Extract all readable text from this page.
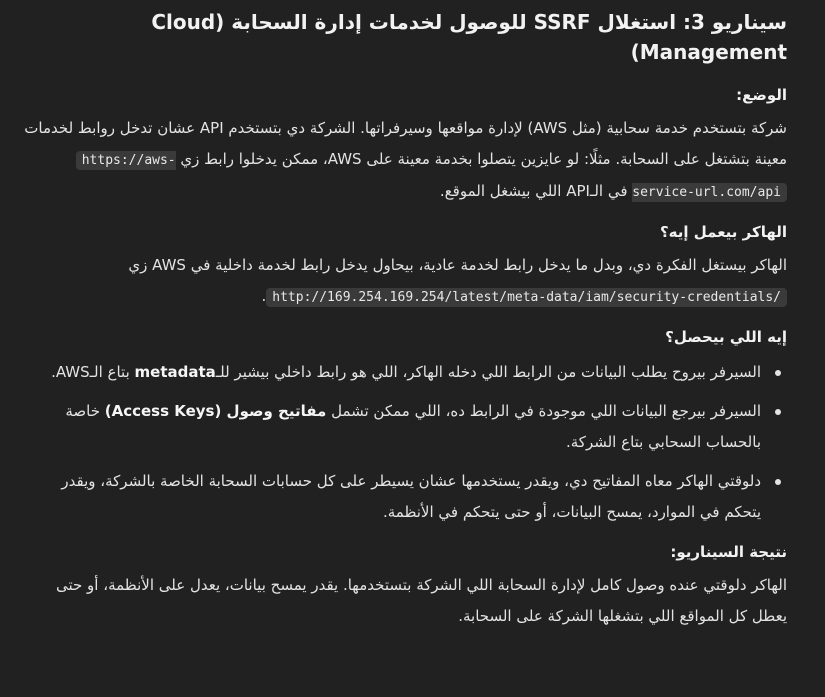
سيناريو 3: استغلال SSRF للوصول لخدمات إدارة السحابة (Cloud Management)
الوضع:

شركة بتستخدم خدمة سحابية (مثل AWS) لإدارة مواقعها وسيرفراتها. الشركة دي بتستخدم API عشان تدخل روابط لخدمات معينة بتشتغل على السحابة. مثلًا: لو عايزين يتصلوا بخدمة معينة على AWS، ممكن يدخلوا رابط زي https://aws-service-url.com/api في الـAPI اللي بيشغل الموقع.

الهاكر بيعمل إيه؟

الهاكر بيستغل الفكرة دي، وبدل ما يدخل رابط لخدمة عادية، بيحاول يدخل رابط لخدمة داخلية في AWS زي http://169.254.169.254/latest/meta-data/iam/security-credentials/.

إيه اللي بيحصل؟
السيرفر بيروح يطلب البيانات من الرابط اللي دخله الهاكر، اللي هو رابط داخلي بيشير للـmetadata بتاع الـAWS.
السيرفر بيرجع البيانات اللي موجودة في الرابط ده، اللي ممكن تشمل مفاتيح وصول (Access Keys) خاصة بالحساب السحابي بتاع الشركة.
دلوقتي الهاكر معاه المفاتيح دي، ويقدر يستخدمها عشان يسيطر على كل حسابات السحابة الخاصة بالشركة، ويقدر يتحكم في الموارد، يمسح البيانات، أو حتى يتحكم في الأنظمة.
نتيجة السيناريو:

الهاكر دلوقتي عنده وصول كامل لإدارة السحابة اللي الشركة بتستخدمها. يقدر يمسح بيانات، يعدل على الأنظمة، أو حتى يعطل كل المواقع اللي بتشغلها الشركة على السحابة.
